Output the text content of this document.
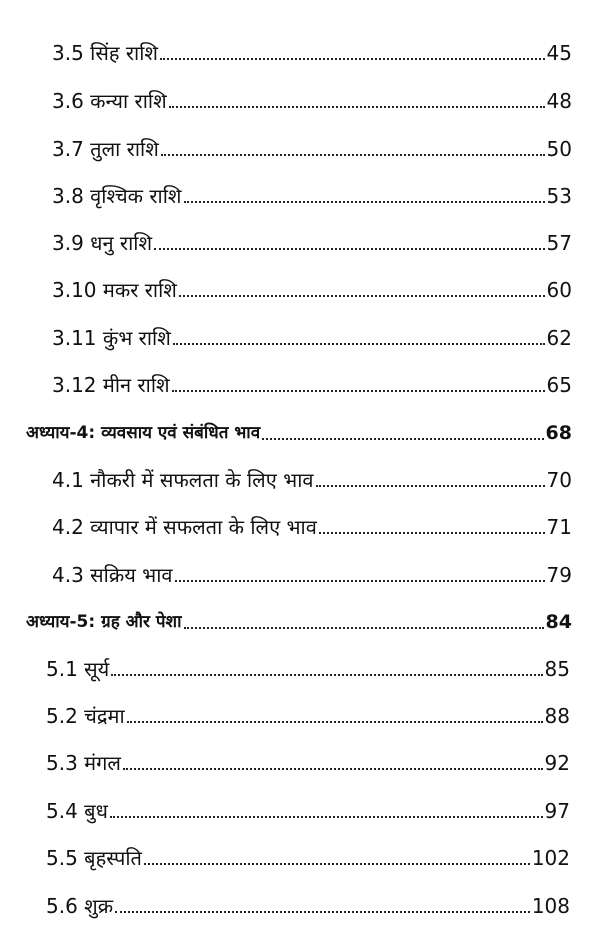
3.5 सिंह राशि	45
3.6 कन्या राशि	48
3.7 तुला राशि	50
3.8 वृश्चिक राशि	53
3.9 धनु राशि	57
3.10 मकर राशि	60
3.11 कुंभ राशि	62
3.12 मीन राशि	65
अध्याय-4: व्यवसाय एवं संबंधित भाव	68
4.1 नौकरी में सफलता के लिए भाव	70
4.2 व्यापार में सफलता के लिए भाव	71
4.3 सक्रिय भाव	79
अध्याय-5: ग्रह और पेशा	84
5.1 सूर्य	85
5.2 चंद्रमा	88
5.3 मंगल	92
5.4 बुध	97
5.5 बृहस्पति	102
5.6 शुक्र	108
